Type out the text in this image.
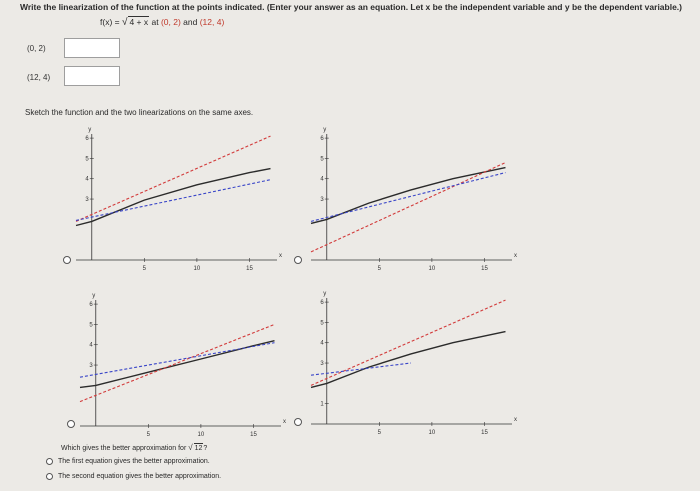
Write the linearization of the function at the points indicated. (Enter your answer as an equation. Let x be the independent variable and y be the dependent variable.)
f(x) = √ 4 + x at (0, 2) and (12, 4)
(0, 2)
(12, 4)
Sketch the function and the two linearizations on the same axes.
x
y
5	10	15
3
4
5
6
x
y
5	10	15
3
4
5
6
x
y
5	10	15
3
4
5
6
x
y
5	10	15
1
3
4
5
6
Which gives the better approximation for √ 12?
The first equation gives the better approximation.
The second equation gives the better approximation.
